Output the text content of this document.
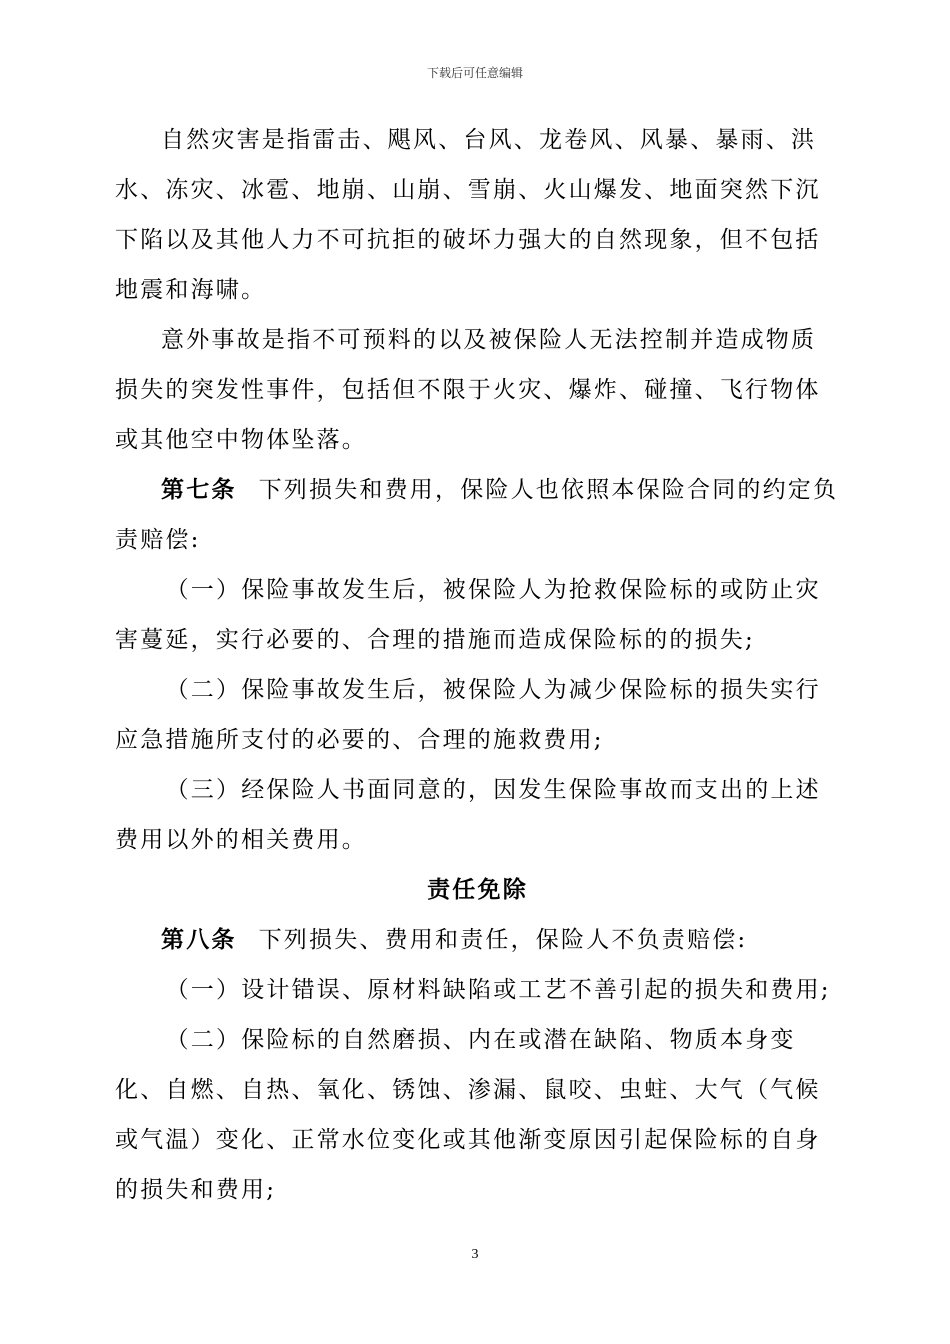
下载后可任意编辑

自然灾害是指雷击、飓风、台风、龙卷风、风暴、暴雨、洪水、冻灾、冰雹、地崩、山崩、雪崩、火山爆发、地面突然下沉下陷以及其他人力不可抗拒的破坏力强大的自然现象，但不包括地震和海啸。

意外事故是指不可预料的以及被保险人无法控制并造成物质损失的突发性事件，包括但不限于火灾、爆炸、碰撞、飞行物体或其他空中物体坠落。

第七条 下列损失和费用，保险人也依照本保险合同的约定负责赔偿:

（一）保险事故发生后，被保险人为抢救保险标的或防止灾害蔓延，实行必要的、合理的措施而造成保险标的的损失;

（二）保险事故发生后，被保险人为减少保险标的损失实行应急措施所支付的必要的、合理的施救费用;

（三）经保险人书面同意的，因发生保险事故而支出的上述费用以外的相关费用。

责任免除

第八条 下列损失、费用和责任，保险人不负责赔偿:

（一）设计错误、原材料缺陷或工艺不善引起的损失和费用;

（二）保险标的自然磨损、内在或潜在缺陷、物质本身变化、自燃、自热、氧化、锈蚀、渗漏、鼠咬、虫蛀、大气（气候或气温）变化、正常水位变化或其他渐变原因引起保险标的自身的损失和费用;

3
